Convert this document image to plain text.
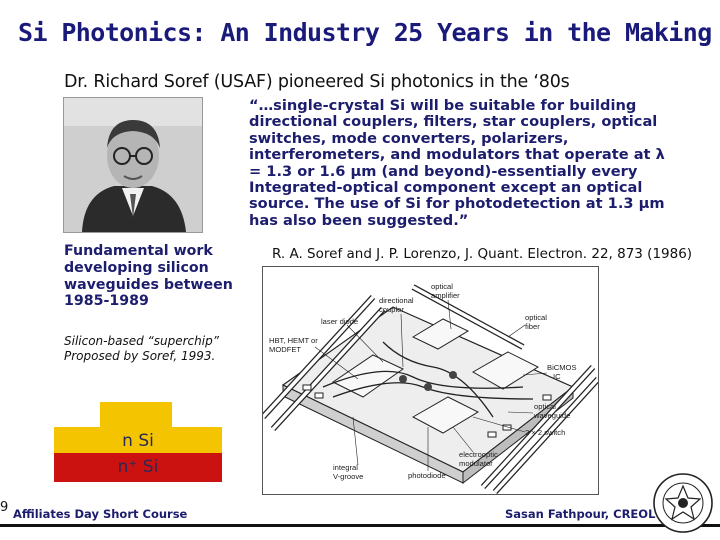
Si Photonics: An Industry 25 Years in the Making
Dr. Richard Soref (USAF) pioneered Si photonics in the ‘80s
“…single-crystal Si will be suitable for building
directional couplers, filters, star couplers, optical
switches, mode converters, polarizers,
interferometers, and modulators that operate at λ
= 1.3 or 1.6 μm (and beyond)-essentially every
Integrated-optical component except an optical
source. The use of Si for photodetection at 1.3 μm
has also been suggested.”
R. A. Soref and J. P. Lorenzo, J. Quant. Electron. 22, 873 (1986)
Fundamental work
developing silicon
waveguides between
1985-1989
Silicon-based “superchip”
Proposed by Soref, 1993.
n Si
n⁺ Si
optical
amplifier
directional
coupler
laser diode	optical
fiber
HBT, HEMT or
MODFET
BiCMOS
IC
optical
waveguide
2 × 2 switch
integral
V-groove
electrooptic
modulator
photodiode
9 Affiliates Day Short Course	Sasan Fathpour, CREOL
